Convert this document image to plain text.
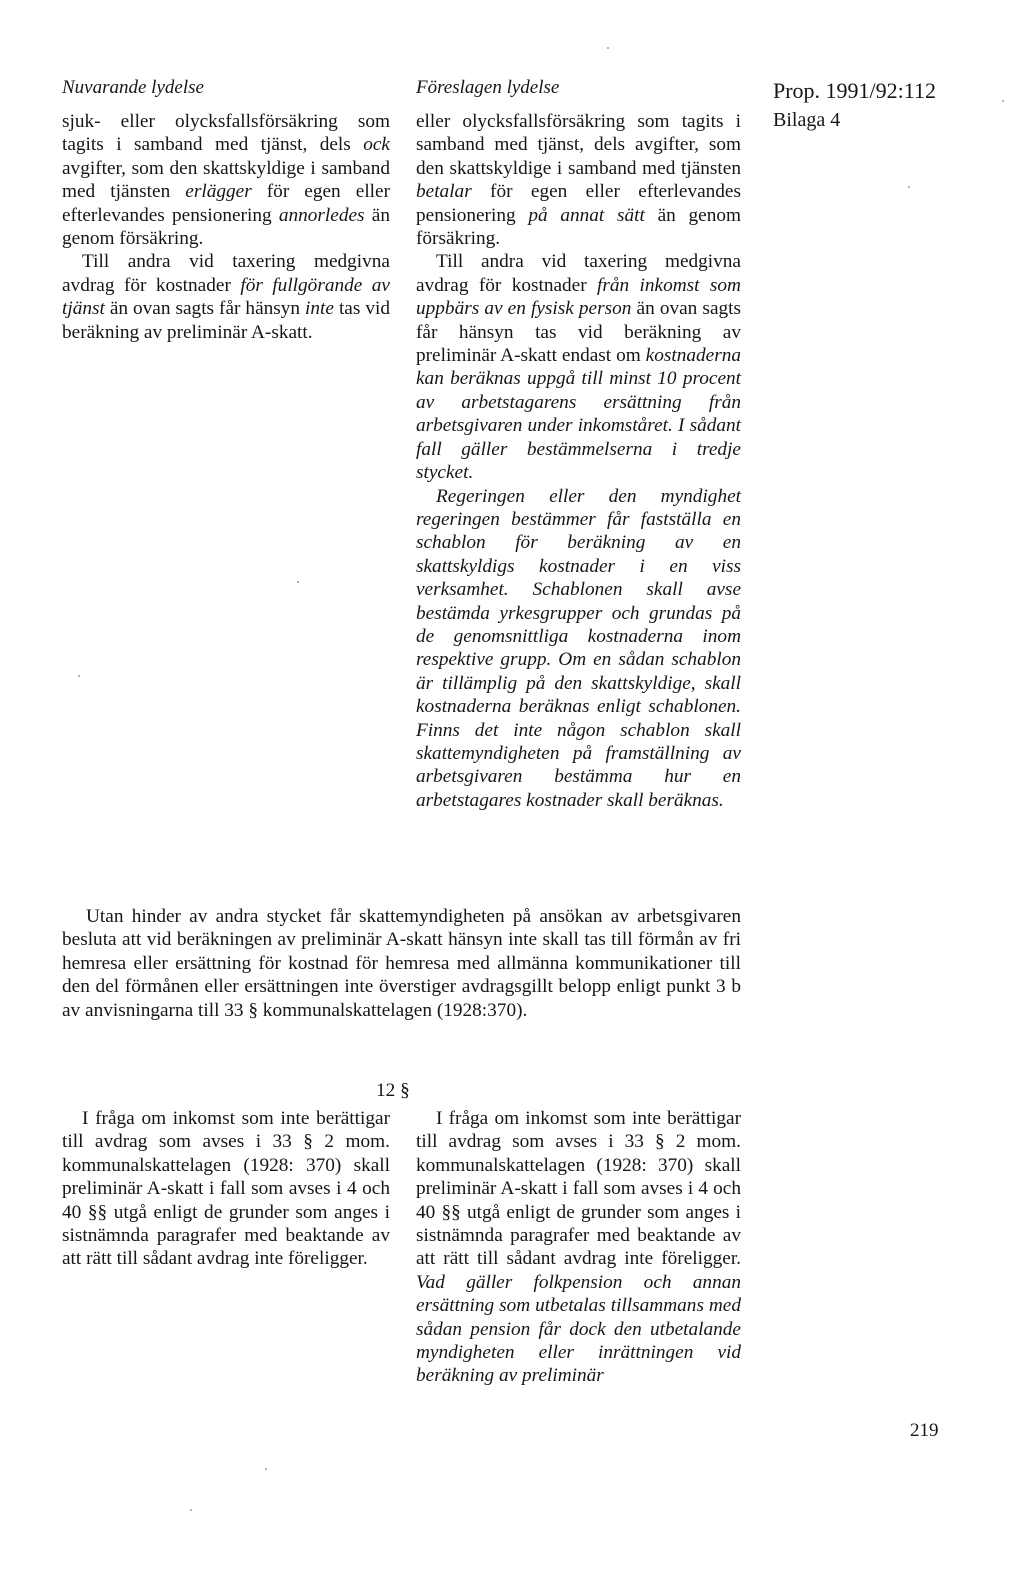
Nuvarande lydelse	Föreslagen lydelse	Prop. 1991/92:112
Bilaga 4

sjuk- eller olycksfallsförsäkring som tagits i samband med tjänst, dels ock avgifter, som den skattskyldige i samband med tjänsten erlägger för egen eller efterlevandes pensionering annorledes än genom försäkring.

Till andra vid taxering medgivna avdrag för kostnader för fullgörande av tjänst än ovan sagts får hänsyn inte tas vid beräkning av preliminär A-skatt.

eller olycksfallsförsäkring som tagits i samband med tjänst, dels avgifter, som den skattskyldige i samband med tjänsten betalar för egen eller efterlevandes pensionering på annat sätt än genom försäkring.

Till andra vid taxering medgivna avdrag för kostnader från inkomst som uppbärs av en fysisk person än ovan sagts får hänsyn tas vid beräkning av preliminär A-skatt endast om kostnaderna kan beräknas uppgå till minst 10 procent av arbetstagarens ersättning från arbetsgivaren under inkomståret. I sådant fall gäller bestämmelserna i tredje stycket.

Regeringen eller den myndighet regeringen bestämmer får fastställa en schablon för beräkning av en skattskyldigs kostnader i en viss verksamhet. Schablonen skall avse bestämda yrkesgrupper och grundas på de genomsnittliga kostnaderna inom respektive grupp. Om en sådan schablon är tillämplig på den skattskyldige, skall kostnaderna beräknas enligt schablonen. Finns det inte någon schablon skall skattemyndigheten på framställning av arbetsgivaren bestämma hur en arbetstagares kostnader skall beräknas.

Utan hinder av andra stycket får skattemyndigheten på ansökan av arbetsgivaren besluta att vid beräkningen av preliminär A-skatt hänsyn inte skall tas till förmån av fri hemresa eller ersättning för kostnad för hemresa med allmänna kommunikationer till den del förmånen eller ersättningen inte överstiger avdragsgillt belopp enligt punkt 3 b av anvisningarna till 33 § kommunalskattelagen (1928:370).

12 §

I fråga om inkomst som inte berättigar till avdrag som avses i 33 § 2 mom. kommunalskattelagen (1928: 370) skall preliminär A-skatt i fall som avses i 4 och 40 §§ utgå enligt de grunder som anges i sistnämnda paragrafer med beaktande av att rätt till sådant avdrag inte föreligger.

I fråga om inkomst som inte berättigar till avdrag som avses i 33 § 2 mom. kommunalskattelagen (1928: 370) skall preliminär A-skatt i fall som avses i 4 och 40 §§ utgå enligt de grunder som anges i sistnämnda paragrafer med beaktande av att rätt till sådant avdrag inte föreligger. Vad gäller folkpension och annan ersättning som utbetalas tillsammans med sådan pension får dock den utbetalande myndigheten eller inrättningen vid beräkning av preliminär

219
